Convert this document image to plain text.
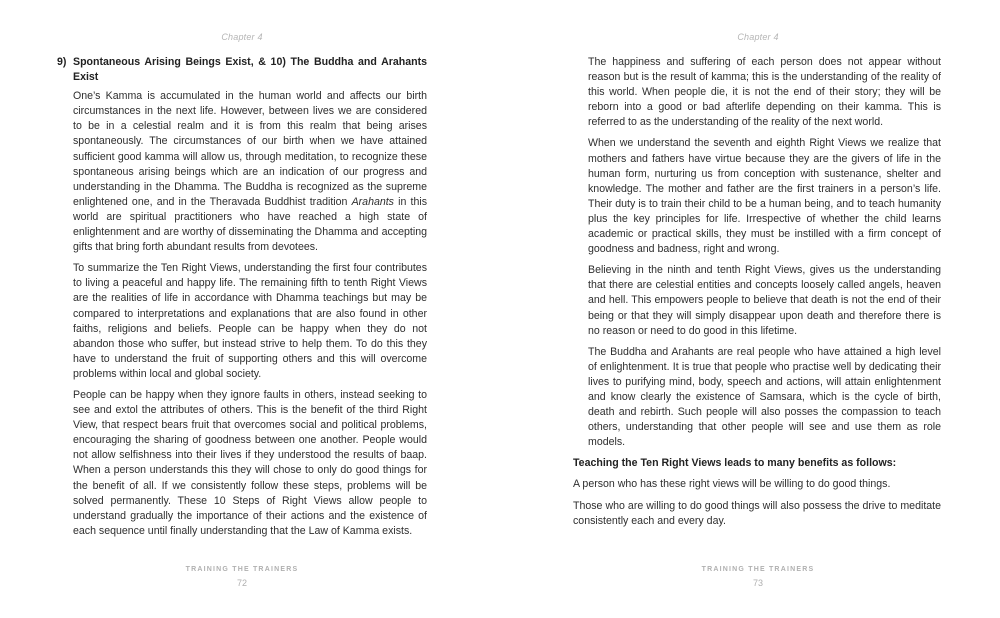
Chapter 4
9) Spontaneous Arising Beings Exist, & 10) The Buddha and Arahants Exist

One’s Kamma is accumulated in the human world and affects our birth circumstances in the next life. However, between lives we are considered to be in a celestial realm and it is from this realm that being arises spontaneously. The circumstances of our birth when we have attained sufficient good kamma will allow us, through meditation, to recognize these spontaneous arising beings which are an indication of our progress and understanding in the Dhamma. The Buddha is recognized as the supreme enlightened one, and in the Theravada Buddhist tradition Arahants in this world are spiritual practitioners who have reached a high state of enlightenment and are worthy of disseminating the Dhamma and accepting gifts that bring forth abundant results from devotees.

To summarize the Ten Right Views, understanding the first four contributes to living a peaceful and happy life. The remaining fifth to tenth Right Views are the realities of life in accordance with Dhamma teachings but may be compared to interpretations and explanations that are also found in other faiths, religions and beliefs. People can be happy when they do not abandon those who suffer, but instead strive to help them. To do this they have to understand the fruit of supporting others and this will overcome problems within local and global society.

People can be happy when they ignore faults in others, instead seeking to see and extol the attributes of others. This is the benefit of the third Right View, that respect bears fruit that overcomes social and political problems, encouraging the sharing of goodness between one another. People would not allow selfishness into their lives if they understood the results of baap. When a person understands this they will chose to only do good things for the benefit of all. If we consistently follow these steps, problems will be solved permanently. These 10 Steps of Right Views allow people to understand gradually the importance of their actions and the existence of each sequence until finally understanding that the Law of Kamma exists.

TRAINING THE TRAINERS
72
Chapter 4

The happiness and suffering of each person does not appear without reason but is the result of kamma; this is the understanding of the reality of this world. When people die, it is not the end of their story; they will be reborn into a good or bad afterlife depending on their kamma. This is referred to as the understanding of the reality of the next world.

When we understand the seventh and eighth Right Views we realize that mothers and fathers have virtue because they are the givers of life in the human form, nurturing us from conception with sustenance, shelter and knowledge. The mother and father are the first trainers in a person’s life. Their duty is to train their child to be a human being, and to teach humanity plus the key principles for life. Irrespective of whether the child learns academic or practical skills, they must be instilled with a firm concept of goodness and badness, right and wrong.

Believing in the ninth and tenth Right Views, gives us the understanding that there are celestial entities and concepts loosely called angels, heaven and hell. This empowers people to believe that death is not the end of their being or that they will simply disappear upon death and therefore there is no reason or need to do good in this lifetime.

The Buddha and Arahants are real people who have attained a high level of enlightenment. It is true that people who practise well by dedicating their lives to purifying mind, body, speech and actions, will attain enlightenment and know clearly the existence of Samsara, which is the cycle of birth, death and rebirth. Such people will also posses the compassion to teach others, understanding that other people will see and use them as role models.

Teaching the Ten Right Views leads to many benefits as follows:

A person who has these right views will be willing to do good things.

Those who are willing to do good things will also possess the drive to meditate consistently each and every day.

TRAINING THE TRAINERS
73
